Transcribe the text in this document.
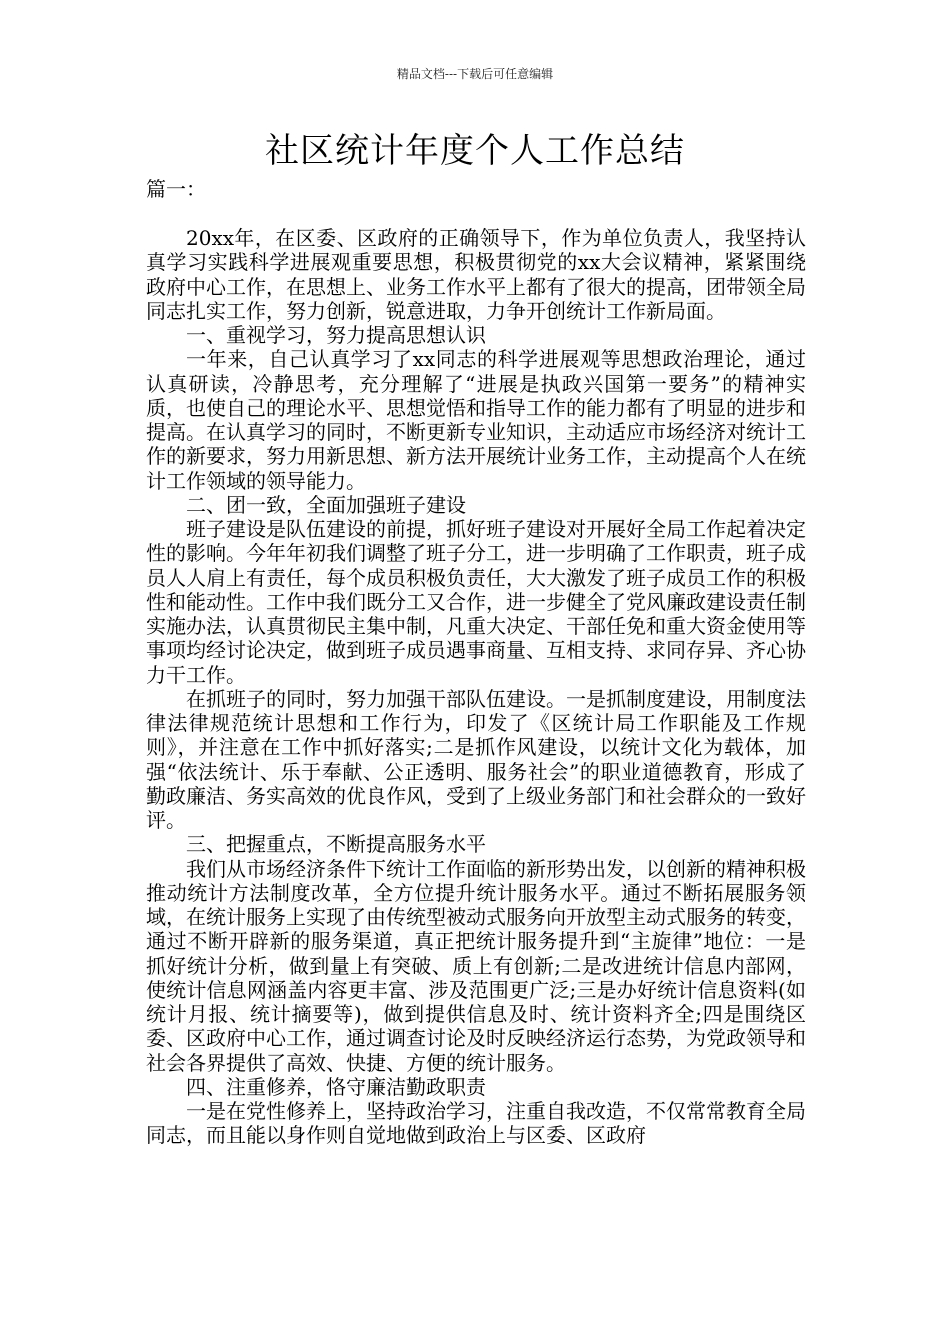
精品文档---下载后可任意编辑
社区统计年度个人工作总结
篇一：

20xx年，在区委、区政府的正确领导下，作为单位负责人，我坚持认真学习实践科学进展观重要思想，积极贯彻党的xx大会议精神，紧紧围绕政府中心工作，在思想上、业务工作水平上都有了很大的提高，团带领全局同志扎实工作，努力创新，锐意进取，力争开创统计工作新局面。

一、重视学习，努力提高思想认识

一年来，自己认真学习了xx同志的科学进展观等思想政治理论，通过认真研读，冷静思考，充分理解了“进展是执政兴国第一要务”的精神实质，也使自己的理论水平、思想觉悟和指导工作的能力都有了明显的进步和提高。在认真学习的同时，不断更新专业知识，主动适应市场经济对统计工作的新要求，努力用新思想、新方法开展统计业务工作，主动提高个人在统计工作领域的领导能力。

二、团一致，全面加强班子建设

班子建设是队伍建设的前提，抓好班子建设对开展好全局工作起着决定性的影响。今年年初我们调整了班子分工，进一步明确了工作职责，班子成员人人肩上有责任，每个成员积极负责任，大大激发了班子成员工作的积极性和能动性。工作中我们既分工又合作，进一步健全了党风廉政建设责任制实施办法，认真贯彻民主集中制，凡重大决定、干部任免和重大资金使用等事项均经讨论决定，做到班子成员遇事商量、互相支持、求同存异、齐心协力干工作。

在抓班子的同时，努力加强干部队伍建设。一是抓制度建设，用制度法律法律规范统计思想和工作行为，印发了《区统计局工作职能及工作规则》，并注意在工作中抓好落实;二是抓作风建设，以统计文化为载体，加强“依法统计、乐于奉献、公正透明、服务社会”的职业道德教育，形成了勤政廉洁、务实高效的优良作风，受到了上级业务部门和社会群众的一致好评。

三、把握重点，不断提高服务水平

我们从市场经济条件下统计工作面临的新形势出发，以创新的精神积极推动统计方法制度改革，全方位提升统计服务水平。通过不断拓展服务领域，在统计服务上实现了由传统型被动式服务向开放型主动式服务的转变，通过不断开辟新的服务渠道，真正把统计服务提升到“主旋律”地位：一是抓好统计分析，做到量上有突破、质上有创新;二是改进统计信息内部网，使统计信息网涵盖内容更丰富、涉及范围更广泛;三是办好统计信息资料(如统计月报、统计摘要等)，做到提供信息及时、统计资料齐全;四是围绕区委、区政府中心工作，通过调查讨论及时反映经济运行态势，为党政领导和社会各界提供了高效、快捷、方便的统计服务。

四、注重修养，恪守廉洁勤政职责

一是在党性修养上，坚持政治学习，注重自我改造，不仅常常教育全局同志，而且能以身作则自觉地做到政治上与区委、区政府
